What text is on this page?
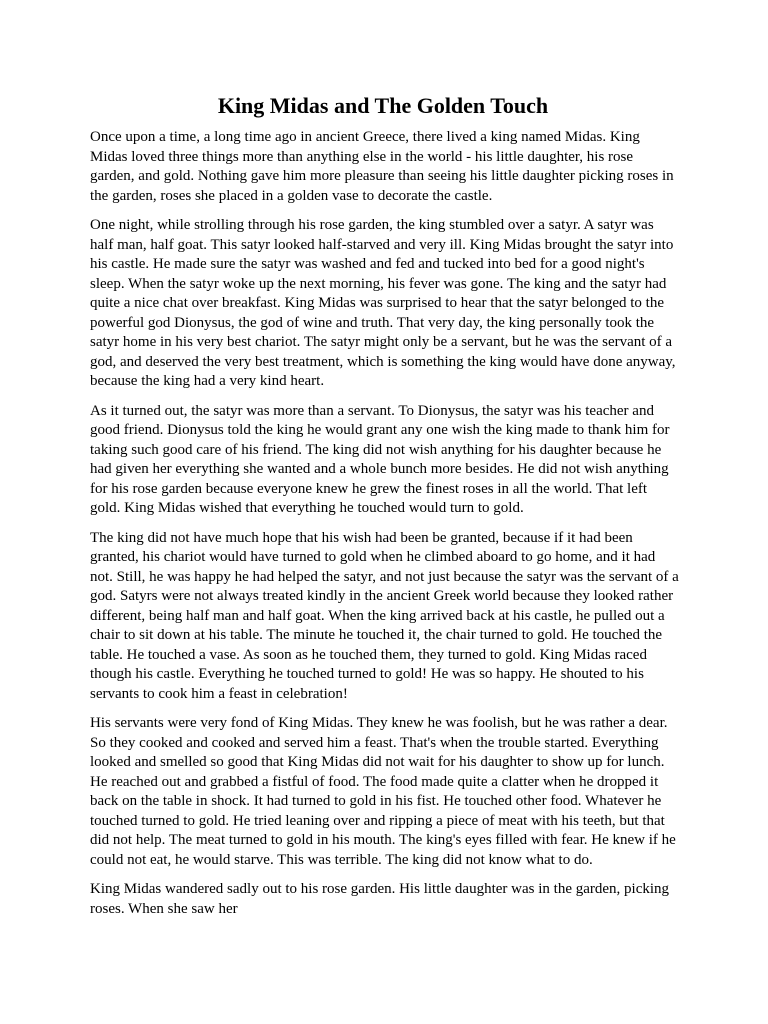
King Midas and The Golden Touch

Once upon a time, a long time ago in ancient Greece, there lived a king named Midas. King Midas loved three things more than anything else in the world - his little daughter, his rose garden, and gold. Nothing gave him more pleasure than seeing his little daughter picking roses in the garden, roses she placed in a golden vase to decorate the castle.

One night, while strolling through his rose garden, the king stumbled over a satyr. A satyr was half man, half goat. This satyr looked half-starved and very ill. King Midas brought the satyr into his castle. He made sure the satyr was washed and fed and tucked into bed for a good night's sleep. When the satyr woke up the next morning, his fever was gone. The king and the satyr had quite a nice chat over breakfast. King Midas was surprised to hear that the satyr belonged to the powerful god Dionysus, the god of wine and truth. That very day, the king personally took the satyr home in his very best chariot. The satyr might only be a servant, but he was the servant of a god, and deserved the very best treatment, which is something the king would have done anyway, because the king had a very kind heart.

As it turned out, the satyr was more than a servant. To Dionysus, the satyr was his teacher and good friend. Dionysus told the king he would grant any one wish the king made to thank him for taking such good care of his friend. The king did not wish anything for his daughter because he had given her everything she wanted and a whole bunch more besides. He did not wish anything for his rose garden because everyone knew he grew the finest roses in all the world. That left gold. King Midas wished that everything he touched would turn to gold.

The king did not have much hope that his wish had been be granted, because if it had been granted, his chariot would have turned to gold when he climbed aboard to go home, and it had not. Still, he was happy he had helped the satyr, and not just because the satyr was the servant of a god. Satyrs were not always treated kindly in the ancient Greek world because they looked rather different, being half man and half goat. When the king arrived back at his castle, he pulled out a chair to sit down at his table. The minute he touched it, the chair turned to gold. He touched the table. He touched a vase. As soon as he touched them, they turned to gold. King Midas raced though his castle. Everything he touched turned to gold! He was so happy. He shouted to his servants to cook him a feast in celebration!

His servants were very fond of King Midas. They knew he was foolish, but he was rather a dear. So they cooked and cooked and served him a feast. That's when the trouble started. Everything looked and smelled so good that King Midas did not wait for his daughter to show up for lunch. He reached out and grabbed a fistful of food. The food made quite a clatter when he dropped it back on the table in shock. It had turned to gold in his fist. He touched other food. Whatever he touched turned to gold. He tried leaning over and ripping a piece of meat with his teeth, but that did not help. The meat turned to gold in his mouth. The king's eyes filled with fear. He knew if he could not eat, he would starve. This was terrible. The king did not know what to do.

King Midas wandered sadly out to his rose garden. His little daughter was in the garden, picking roses. When she saw her
